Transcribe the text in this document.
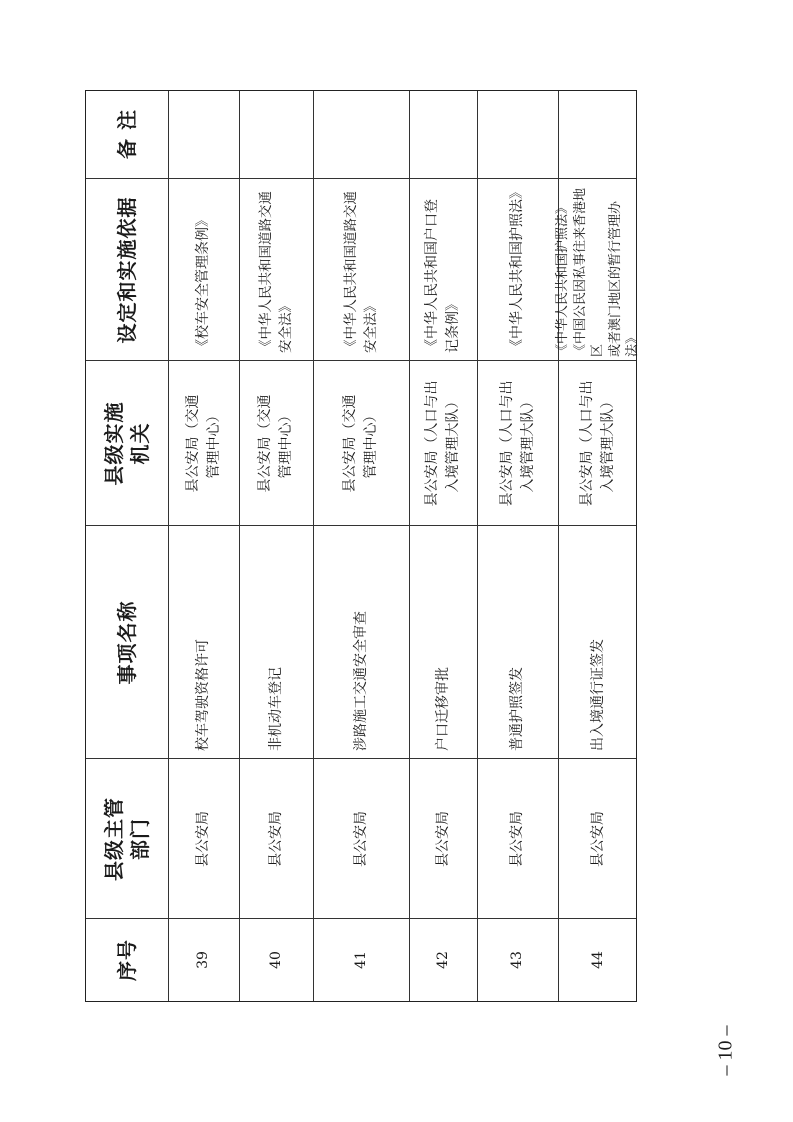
序号
县级主管
部门
事项名称
县级实施
机关
设定和实施依据
39
县公安局
校车驾驶资格许可
县公安局（交通
管理中心）
《校车安全管理条例》
40
县公安局
非机动车登记
县公安局（交通
管理中心）
《中华人民共和国道路交通安全法》
41
县公安局
涉路施工交通安全审查
县公安局（交通
管理中心）
《中华人民共和国道路交通安全法》
42
县公安局
户口迁移审批
县公安局（人口与出
入境管理大队）
《中华人民共和国户口登记条例》
43
县公安局
普通护照签发
县公安局（人口与出
入境管理大队）
《中华人民共和国护照法》
44
县公安局
出入境通行证签发
县公安局（人口与出
入境管理大队）
《中华人民共和国护照法》
《中国公民因私事往来香港地区
或者澳门地区的暂行管理办法》
备 注
– 10 –
